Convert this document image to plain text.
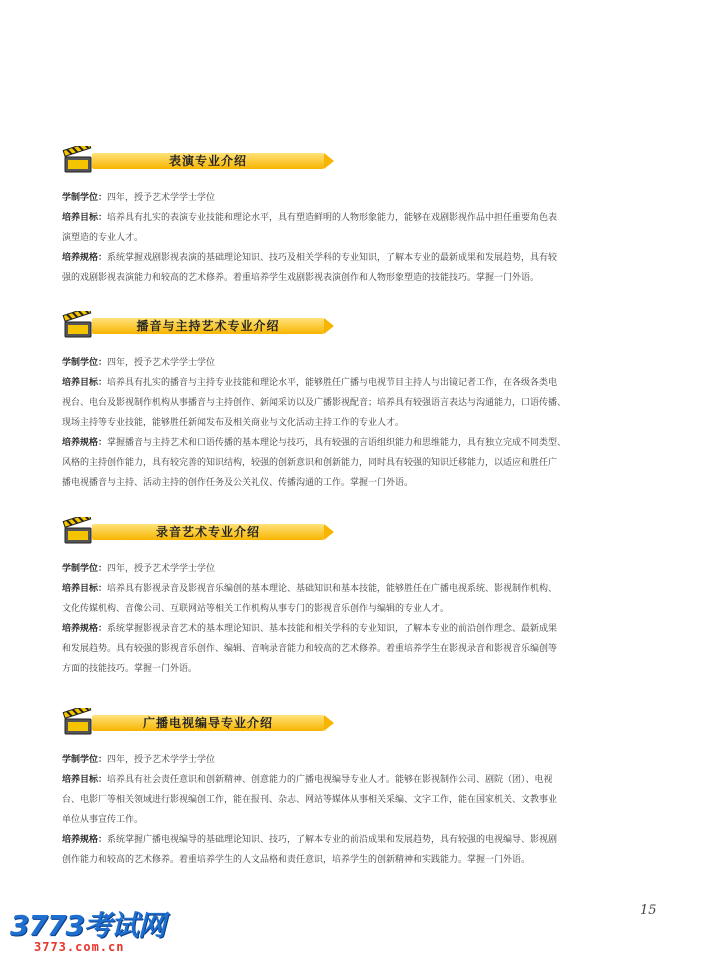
表演专业介绍
学制学位：四年，授予艺术学学士学位
培养目标：培养具有扎实的表演专业技能和理论水平，具有塑造鲜明的人物形象能力，能够在戏剧影视作品中担任重要角色表
演塑造的专业人才。
培养规格：系统掌握戏剧影视表演的基础理论知识、技巧及相关学科的专业知识，了解本专业的最新成果和发展趋势，具有较
强的戏剧影视表演能力和较高的艺术修养。着重培养学生戏剧影视表演创作和人物形象塑造的技能技巧。掌握一门外语。
播音与主持艺术专业介绍
学制学位：四年，授予艺术学学士学位
培养目标：培养具有扎实的播音与主持专业技能和理论水平，能够胜任广播与电视节目主持人与出镜记者工作，在各级各类电
视台、电台及影视制作机构从事播音与主持创作、新闻采访以及广播影视配音；培养具有较强语言表达与沟通能力，口语传播、
现场主持等专业技能，能够胜任新闻发布及相关商业与文化活动主持工作的专业人才。
培养规格：掌握播音与主持艺术和口语传播的基本理论与技巧，具有较强的言语组织能力和思维能力，具有独立完成不同类型、
风格的主持创作能力，具有较完善的知识结构，较强的创新意识和创新能力，同时具有较强的知识迁移能力，以适应和胜任广
播电视播音与主持、活动主持的创作任务及公关礼仪、传播沟通的工作。掌握一门外语。
录音艺术专业介绍
学制学位：四年，授予艺术学学士学位
培养目标：培养具有影视录音及影视音乐编创的基本理论、基础知识和基本技能，能够胜任在广播电视系统、影视制作机构、
文化传媒机构、音像公司、互联网站等相关工作机构从事专门的影视音乐创作与编辑的专业人才。
培养规格：系统掌握影视录音艺术的基本理论知识、基本技能和相关学科的专业知识，了解本专业的前沿创作理念、最新成果
和发展趋势。具有较强的影视音乐创作、编辑、音响录音能力和较高的艺术修养。着重培养学生在影视录音和影视音乐编创等
方面的技能技巧。掌握一门外语。
广播电视编导专业介绍
学制学位：四年，授予艺术学学士学位
培养目标：培养具有社会责任意识和创新精神、创意能力的广播电视编导专业人才。能够在影视制作公司、剧院（团）、电视
台、电影厂等相关领域进行影视编创工作，能在报刊、杂志、网站等媒体从事相关采编、文字工作，能在国家机关、文教事业
单位从事宣传工作。
培养规格：系统掌握广播电视编导的基础理论知识、技巧，了解本专业的前沿成果和发展趋势，具有较强的电视编导、影视剧
创作能力和较高的艺术修养。着重培养学生的人文品格和责任意识，培养学生的创新精神和实践能力。掌握一门外语。
15
3773考试网
3773.com.cn
